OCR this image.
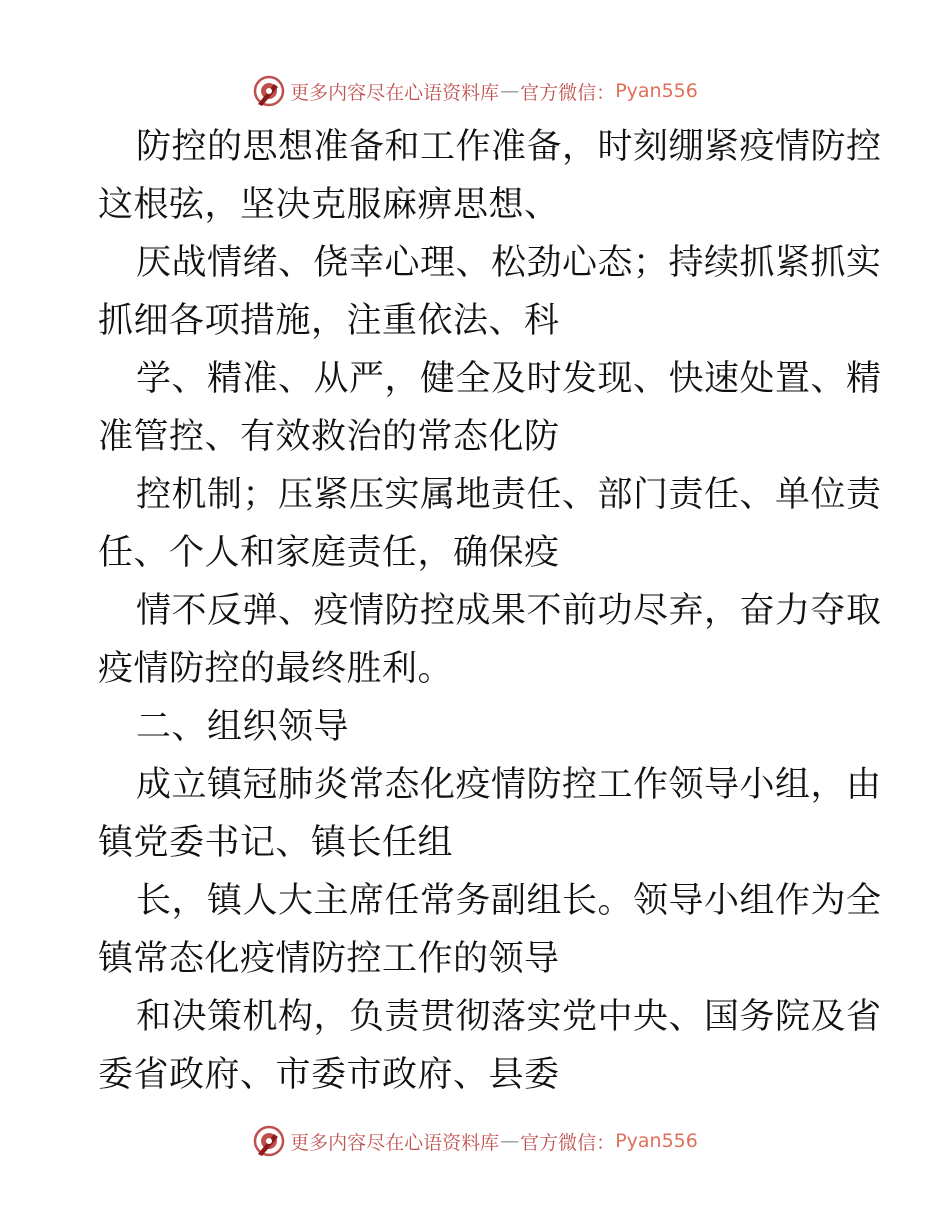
更多内容尽在心语资料库 — 官方微信： Pyan556
防控的思想准备和工作准备，时刻绷紧疫情防控
这根弦，坚决克服麻痹思想、
厌战情绪、侥幸心理、松劲心态；持续抓紧抓实
抓细各项措施，注重依法、科
学、精准、从严，健全及时发现、快速处置、精
准管控、有效救治的常态化防
控机制；压紧压实属地责任、部门责任、单位责
任、个人和家庭责任，确保疫
情不反弹、疫情防控成果不前功尽弃，奋力夺取
疫情防控的最终胜利。
二、组织领导
成立镇冠肺炎常态化疫情防控工作领导小组，由
镇党委书记、镇长任组
长，镇人大主席任常务副组长。领导小组作为全
镇常态化疫情防控工作的领导
和决策机构，负责贯彻落实党中央、国务院及省
委省政府、市委市政府、县委
更多内容尽在心语资料库 — 官方微信： Pyan556
